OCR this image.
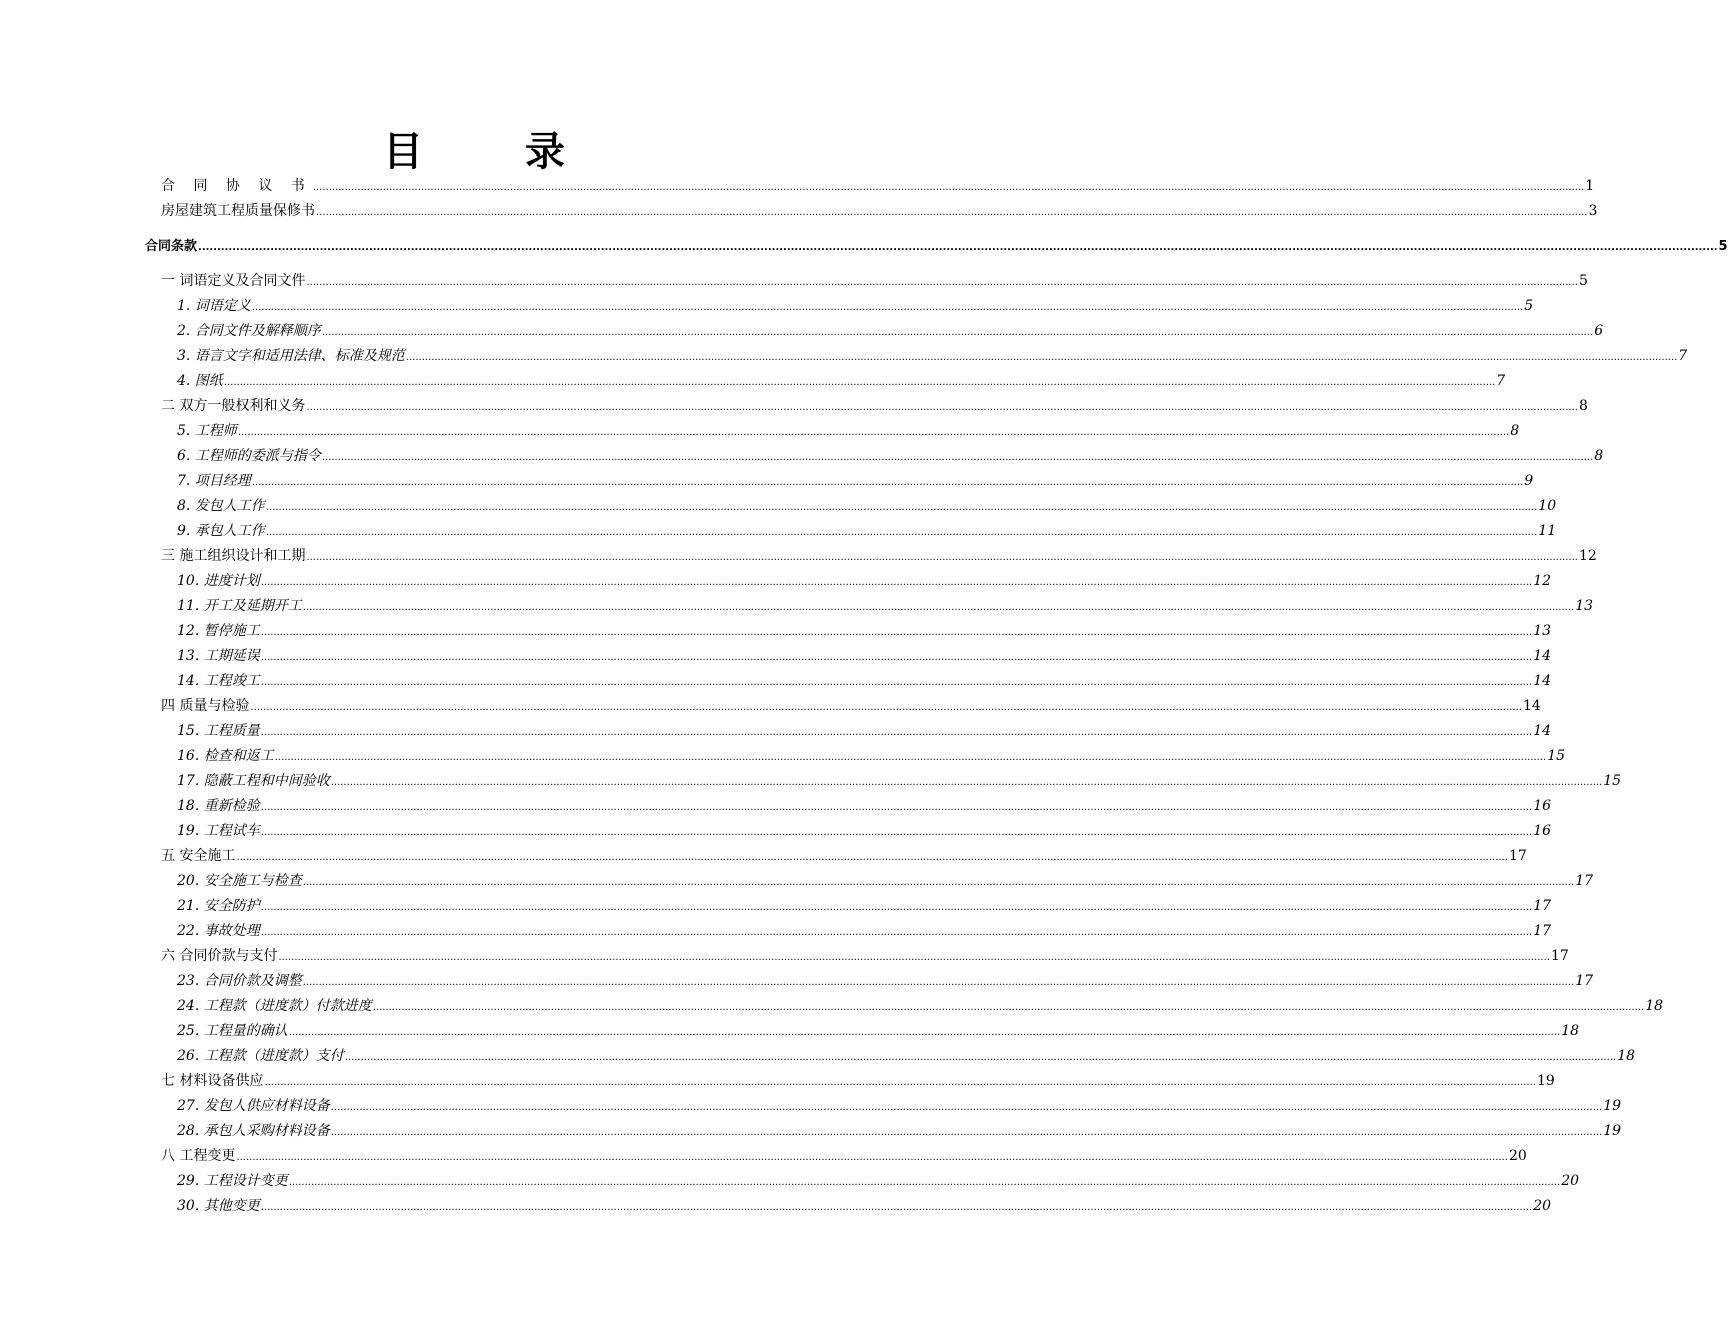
目	录
合 同 协 议 书 ................................................................................................................................................................................................................................................................................................................................................................................................................ 1
房屋建筑工程质量保修书 ................................................................................................................................................................................................................................................................................................................................................................................................................ 3
合同条款 ................................................................................................................................................................................................................................................................................................................................................................................................................ 5
一 词语定义及合同文件 ................................................................................................................................................................................................................................................................................................................................................................................................................ 5
1. 词语定义 ................................................................................................................................................................................................................................................................................................................................................................................................................ 5
2. 合同文件及解释顺序 ................................................................................................................................................................................................................................................................................................................................................................................................................ 6
3. 语言文字和适用法律、标准及规范 ................................................................................................................................................................................................................................................................................................................................................................................................................ 7
4. 图纸 ................................................................................................................................................................................................................................................................................................................................................................................................................ 7
二 双方一般权利和义务 ................................................................................................................................................................................................................................................................................................................................................................................................................ 8
5. 工程师 ................................................................................................................................................................................................................................................................................................................................................................................................................ 8
6. 工程师的委派与指令 ................................................................................................................................................................................................................................................................................................................................................................................................................ 8
7. 项目经理 ................................................................................................................................................................................................................................................................................................................................................................................................................ 9
8. 发包人工作 ................................................................................................................................................................................................................................................................................................................................................................................................................ 10
9. 承包人工作 ................................................................................................................................................................................................................................................................................................................................................................................................................ 11
三 施工组织设计和工期 ................................................................................................................................................................................................................................................................................................................................................................................................................ 12
10. 进度计划 ................................................................................................................................................................................................................................................................................................................................................................................................................ 12
11. 开工及延期开工 ................................................................................................................................................................................................................................................................................................................................................................................................................ 13
12. 暂停施工 ................................................................................................................................................................................................................................................................................................................................................................................................................ 13
13. 工期延误 ................................................................................................................................................................................................................................................................................................................................................................................................................ 14
14. 工程竣工 ................................................................................................................................................................................................................................................................................................................................................................................................................ 14
四 质量与检验 ................................................................................................................................................................................................................................................................................................................................................................................................................ 14
15. 工程质量 ................................................................................................................................................................................................................................................................................................................................................................................................................ 14
16. 检查和返工 ................................................................................................................................................................................................................................................................................................................................................................................................................ 15
17. 隐蔽工程和中间验收 ................................................................................................................................................................................................................................................................................................................................................................................................................ 15
18. 重新检验 ................................................................................................................................................................................................................................................................................................................................................................................................................ 16
19. 工程试车 ................................................................................................................................................................................................................................................................................................................................................................................................................ 16
五 安全施工 ................................................................................................................................................................................................................................................................................................................................................................................................................ 17
20. 安全施工与检查 ................................................................................................................................................................................................................................................................................................................................................................................................................ 17
21. 安全防护 ................................................................................................................................................................................................................................................................................................................................................................................................................ 17
22. 事故处理 ................................................................................................................................................................................................................................................................................................................................................................................................................ 17
六 合同价款与支付 ................................................................................................................................................................................................................................................................................................................................................................................................................ 17
23. 合同价款及调整 ................................................................................................................................................................................................................................................................................................................................................................................................................ 17
24. 工程款（进度款）付款进度 ................................................................................................................................................................................................................................................................................................................................................................................................................ 18
25. 工程量的确认 ................................................................................................................................................................................................................................................................................................................................................................................................................ 18
26. 工程款（进度款）支付 ................................................................................................................................................................................................................................................................................................................................................................................................................ 18
七 材料设备供应 ................................................................................................................................................................................................................................................................................................................................................................................................................ 19
27. 发包人供应材料设备 ................................................................................................................................................................................................................................................................................................................................................................................................................ 19
28. 承包人采购材料设备 ................................................................................................................................................................................................................................................................................................................................................................................................................ 19
八 工程变更 ................................................................................................................................................................................................................................................................................................................................................................................................................ 20
29. 工程设计变更 ................................................................................................................................................................................................................................................................................................................................................................................................................ 20
30. 其他变更 ................................................................................................................................................................................................................................................................................................................................................................................................................ 20
